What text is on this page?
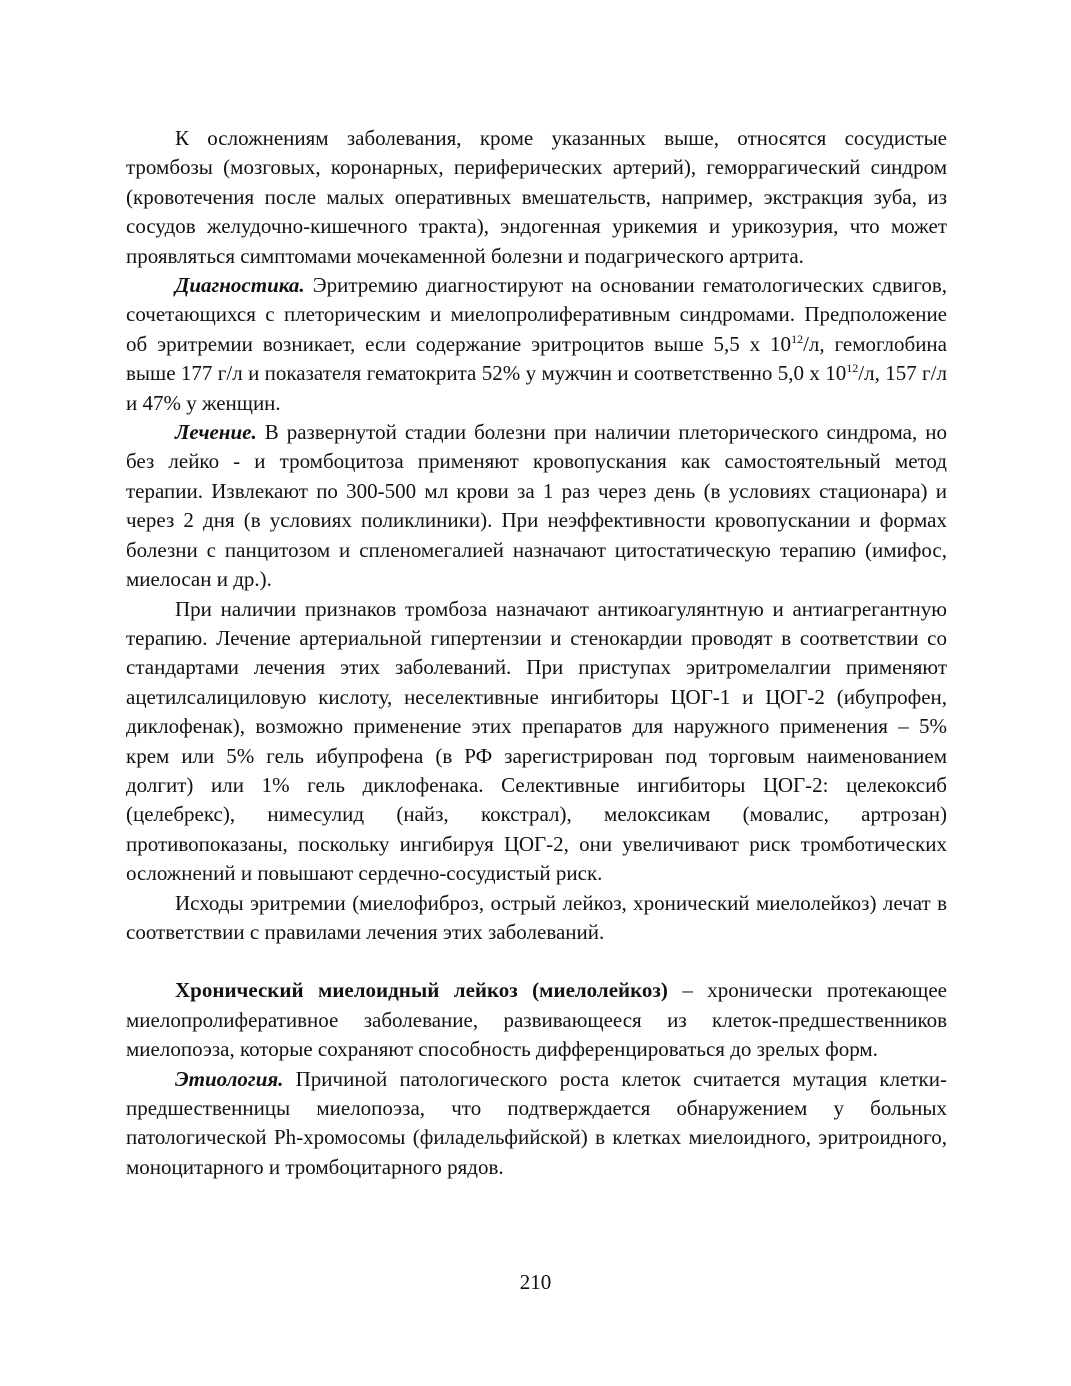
К осложнениям заболевания, кроме указанных выше, относятся сосудистые тромбозы (мозговых, коронарных, периферических артерий), геморрагический синдром (кровотечения после малых оперативных вмешательств, например, экстракция зуба, из сосудов желудочно-кишечного тракта), эндогенная урикемия и урикозурия, что может проявляться симптомами мочекаменной болезни и подагрического артрита.

Диагностика. Эритремию диагностируют на основании гематологических сдвигов, сочетающихся с плеторическим и миелопролиферативным синдромами. Предположение об эритремии возникает, если содержание эритроцитов выше 5,5 х $10^{12}/л$, гемоглобина выше 177 г/л и показателя гематокрита 52% у мужчин и соответственно 5,0 х $10^{12}/л$, 157 г/л и 47% у женщин.

Лечение. В развернутой стадии болезни при наличии плеторического синдрома, но без лейко - и тромбоцитоза применяют кровопускания как самостоятельный метод терапии. Извлекают по 300-500 мл крови за 1 раз через день (в условиях стационара) и через 2 дня (в условиях поликлиники). При неэффективности кровопускании и формах болезни с панцитозом и спленомегалией назначают цитостатическую терапию (имифос, миелосан и др.).

При наличии признаков тромбоза назначают антикоагулянтную и антиагрегантную терапию. Лечение артериальной гипертензии и стенокардии проводят в соответствии со стандартами лечения этих заболеваний. При приступах эритромелалгии применяют ацетилсалициловую кислоту, неселективные ингибиторы ЦОГ-1 и ЦОГ-2 (ибупрофен, диклофенак), возможно применение этих препаратов для наружного применения – 5% крем или 5% гель ибупрофена (в РФ зарегистрирован под торговым наименованием долгит) или 1% гель диклофенака. Селективные ингибиторы ЦОГ-2: целекоксиб (целебрекс), нимесулид (найз, кокстрал), мелоксикам (мовалис, артрозан) противопоказаны, поскольку ингибируя ЦОГ-2, они увеличивают риск тромботических осложнений и повышают сердечно-сосудистый риск.

Исходы эритремии (миелофиброз, острый лейкоз, хронический миелолейкоз) лечат в соответствии с правилами лечения этих заболеваний.

Хронический миелоидный лейкоз (миелолейкоз) – хронически протекающее миелопролиферативное заболевание, развивающееся из клеток-предшественников миелопоэза, которые сохраняют способность дифференцироваться до зрелых форм.

Этиология. Причиной патологического роста клеток считается мутация клетки-предшественницы миелопоэза, что подтверждается обнаружением у больных патологической Ph-хромосомы (филадельфийской) в клетках миелоидного, эритроидного, моноцитарного и тромбоцитарного рядов.

210
